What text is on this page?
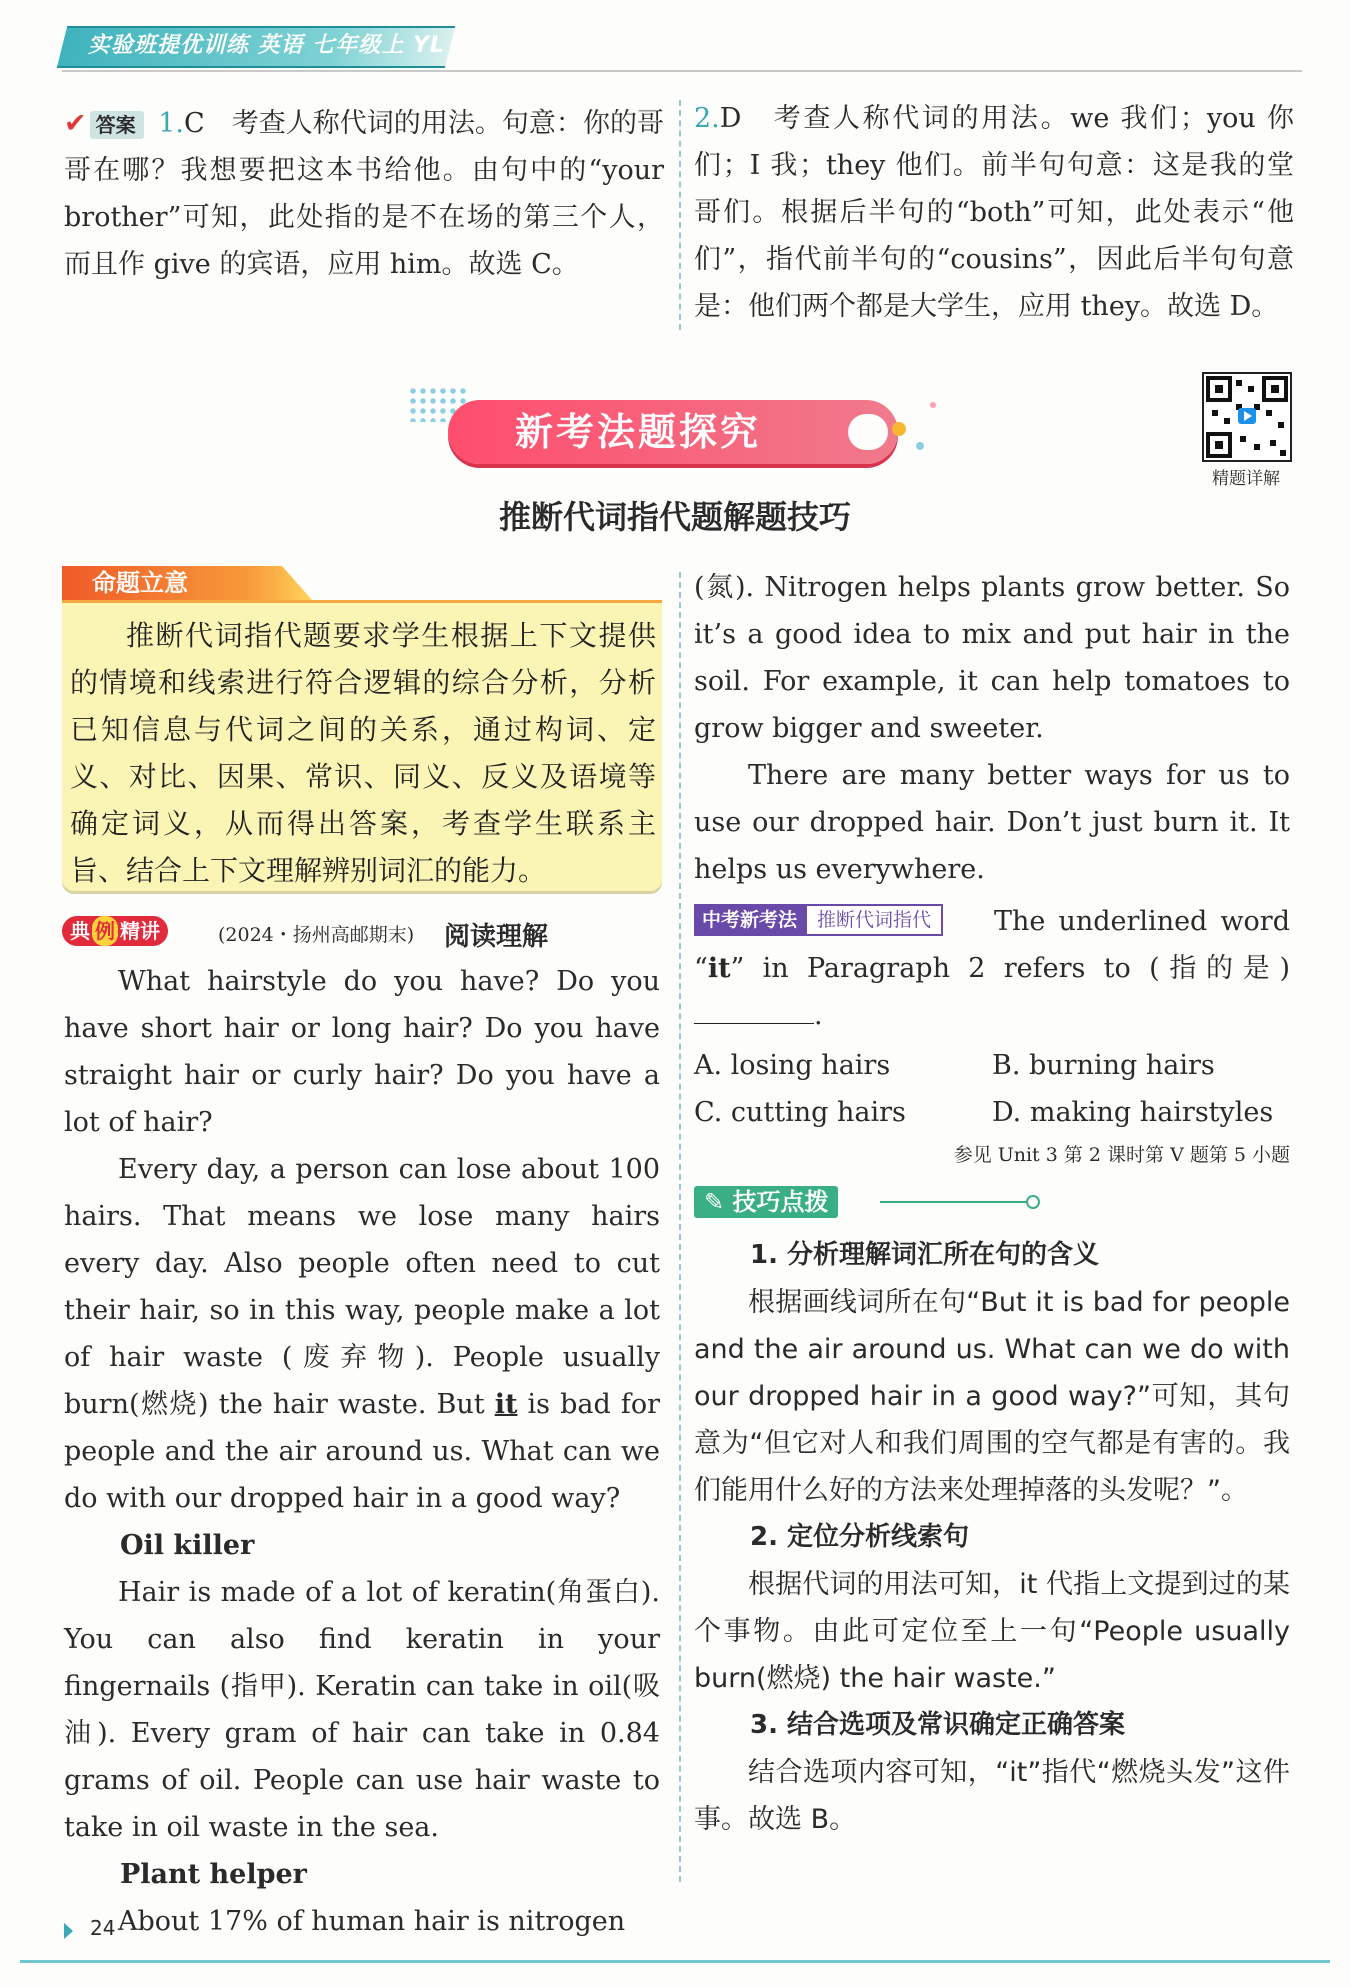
实验班提优训练 英语 七年级上 YL
✔ 答案 1.C　考查人称代词的用法。句意：你的哥哥在哪？我想要把这本书给他。由句中的“your brother”可知，此处指的是不在场的第三个人，而且作 give 的宾语，应用 him。故选 C。
2.D　考查人称代词的用法。we 我们；you 你们；I 我；they 他们。前半句句意：这是我的堂哥们。根据后半句的“both”可知，此处表示“他们”，指代前半句的“cousins”，因此后半句句意是：他们两个都是大学生，应用 they。故选 D。
新考法题探究
精题详解
推断代词指代题解题技巧
命题立意
推断代词指代题要求学生根据上下文提供的情境和线索进行符合逻辑的综合分析，分析已知信息与代词之间的关系，通过构词、定义、对比、因果、常识、同义、反义及语境等确定词义，从而得出答案，考查学生联系主旨、结合上下文理解辨别词汇的能力。
典 例 精讲	(2024・扬州高邮期末) 阅读理解
What hairstyle do you have? Do you have short hair or long hair? Do you have straight hair or curly hair? Do you have a lot of hair?
Every day, a person can lose about 100 hairs. That means we lose many hairs every day. Also people often need to cut their hair, so in this way, people make a lot of hair waste (废弃物). People usually burn(燃烧) the hair waste. But it is bad for people and the air around us. What can we do with our dropped hair in a good way?
Oil killer
Hair is made of a lot of keratin(角蛋白). You can also find keratin in your fingernails (指甲). Keratin can take in oil(吸油). Every gram of hair can take in 0.84 grams of oil. People can use hair waste to take in oil waste in the sea.
Plant helper
About 17% of human hair is nitrogen
(氮). Nitrogen helps plants grow better. So it’s a good idea to mix and put hair in the soil. For example, it can help tomatoes to grow bigger and sweeter.
There are many better ways for us to use our dropped hair. Don’t just burn it. It helps us everywhere.
The underlined word “it” in Paragraph 2 refers to (指的是) .
中考新考法 推断代词指代
A. losing hairs	B. burning hairs
C. cutting hairs	D. making hairstyles
参见 Unit 3 第 2 课时第 V 题第 5 小题
✎ 技巧点拨
1. 分析理解词汇所在句的含义
根据画线词所在句“But it is bad for people and the air around us. What can we do with our dropped hair in a good way?”可知，其句意为“但它对人和我们周围的空气都是有害的。我们能用什么好的方法来处理掉落的头发呢？”。
2. 定位分析线索句
根据代词的用法可知，it 代指上文提到过的某个事物。由此可定位至上一句“People usually burn(燃烧) the hair waste.”
3. 结合选项及常识确定正确答案
结合选项内容可知，“it”指代“燃烧头发”这件事。故选 B。
24
